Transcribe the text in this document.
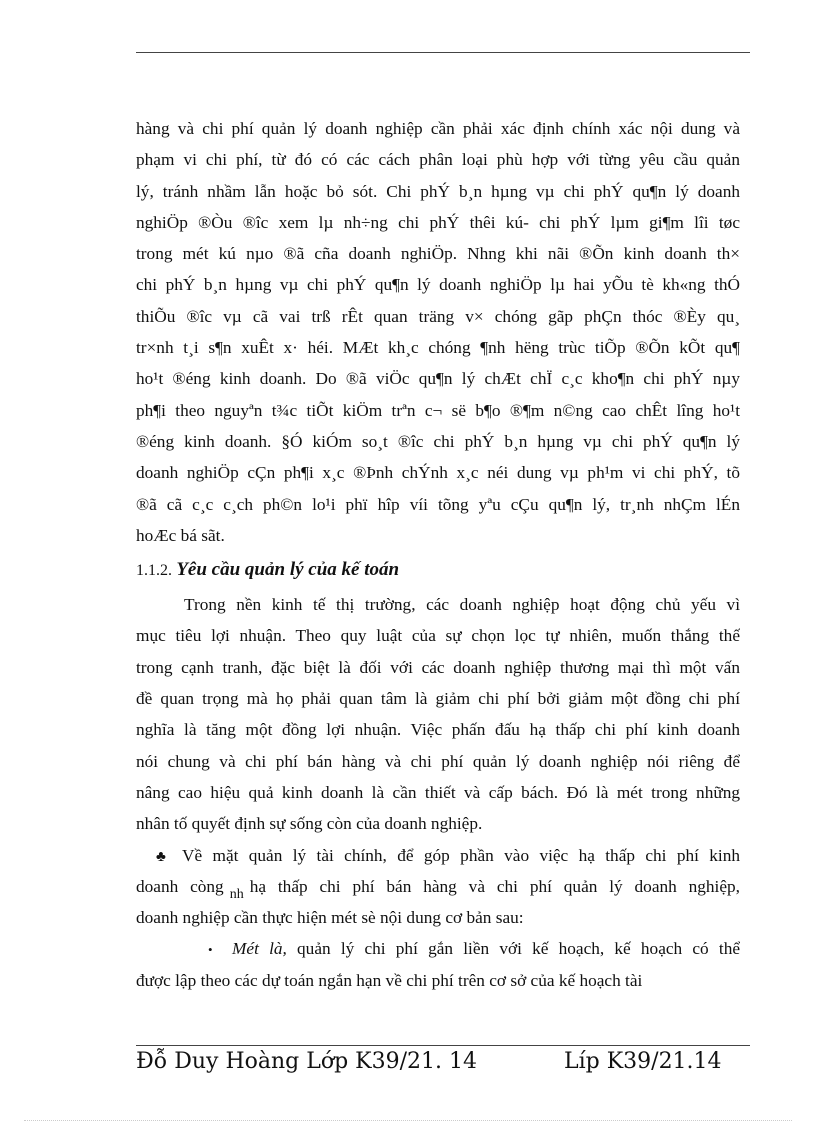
hàng và chi phí quản lý doanh nghiệp cần phải xác định chính xác nội dung và
phạm vi chi phí, từ đó có các cách phân loại phù hợp với từng yêu cầu quản
lý, tránh nhầm lẫn hoặc bỏ sót. Chi phÝ b¸n hµng vµ chi phÝ qu¶n lý doanh
nghiÖp ®Òu ®îc xem lµ nh÷ng chi phÝ thêi kú- chi phÝ lµm gi¶m lîi tøc
trong mét kú nµo ®ã cña doanh nghiÖp. Nhng khi nãi ®Õn kinh doanh th×
chi phÝ b¸n hµng vµ chi phÝ qu¶n lý doanh nghiÖp lµ hai yÕu tè kh«ng thÓ
thiÕu ®îc vµ cã vai trß rÊt quan träng v× chóng gãp phÇn thóc ®Èy qu¸
tr×nh t¸i s¶n xuÊt x· héi. MÆt kh¸c chóng ¶nh hëng trùc tiÕp ®Õn kÕt qu¶
ho¹t ®éng kinh doanh. Do ®ã viÖc qu¶n lý chÆt chÏ c¸c kho¶n chi phÝ nµy
ph¶i theo nguyªn t¾c tiÕt kiÖm trªn c¬ së b¶o ®¶m n©ng cao chÊt lîng ho¹t
®éng kinh doanh. §Ó kiÓm so¸t ®îc chi phÝ b¸n hµng vµ chi phÝ qu¶n lý
doanh nghiÖp cÇn ph¶i x¸c ®Þnh chÝnh x¸c néi dung vµ ph¹m vi chi phÝ, tõ
®ã cã c¸c c¸ch ph©n lo¹i phï hîp víi tõng yªu cÇu qu¶n lý, tr¸nh nhÇm lÉn
hoÆc bá sãt.
1.1.2. Yêu cầu quản lý của kế toán
Trong nền kinh tế thị trường, các doanh nghiệp hoạt động chủ yếu vì
mục tiêu lợi nhuận. Theo quy luật của sự chọn lọc tự nhiên, muốn thắng thế
trong cạnh tranh, đặc biệt là đối với các doanh nghiệp thương mại thì một vấn
đề quan trọng mà họ phải quan tâm là giảm chi phí bởi giảm một đồng chi phí
nghĩa là tăng một đồng lợi nhuận. Việc phấn đấu hạ thấp chi phí kinh doanh
nói chung và chi phí bán hàng và chi phí quản lý doanh nghiệp nói riêng để
nâng cao hiệu quả kinh doanh là cần thiết và cấp bách. Đó là mét trong những
nhân tố quyết định sự sống còn của doanh nghiệp.
♣ Về mặt quản lý tài chính, để góp phần vào việc hạ thấp chi phí kinh
doanh còng $_{nh}$ hạ thấp chi phí bán hàng và chi phí quản lý doanh nghiệp,
doanh nghiệp cần thực hiện mét sè nội dung cơ bản sau:
• Mét là, quản lý chi phí gắn liền với kế hoạch, kế hoạch có thể
được lập theo các dự toán ngắn hạn về chi phí trên cơ sở của kế hoạch tài
Đỗ Duy Hoàng Lớp K39/21. 14	Líp K39/21.14
